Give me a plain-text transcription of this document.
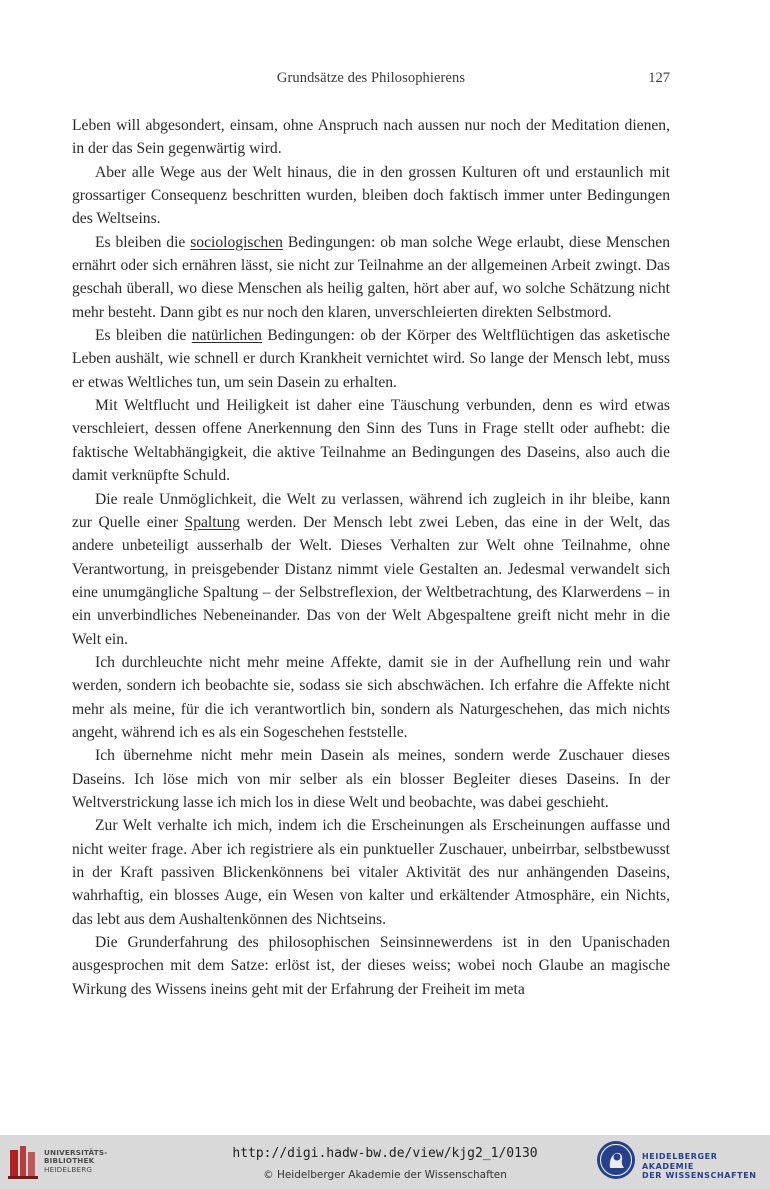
Grundsätze des Philosophierens	127

Leben will abgesondert, einsam, ohne Anspruch nach aussen nur noch der Meditation dienen, in der das Sein gegenwärtig wird.

Aber alle Wege aus der Welt hinaus, die in den grossen Kulturen oft und erstaunlich mit grossartiger Consequenz beschritten wurden, bleiben doch faktisch immer unter Bedingungen des Weltseins.

Es bleiben die sociologischen Bedingungen: ob man solche Wege erlaubt, diese Menschen ernährt oder sich ernähren lässt, sie nicht zur Teilnahme an der allgemeinen Arbeit zwingt. Das geschah überall, wo diese Menschen als heilig galten, hört aber auf, wo solche Schätzung nicht mehr besteht. Dann gibt es nur noch den klaren, unverschleierten direkten Selbstmord.

Es bleiben die natürlichen Bedingungen: ob der Körper des Weltflüchtigen das asketische Leben aushält, wie schnell er durch Krankheit vernichtet wird. So lange der Mensch lebt, muss er etwas Weltliches tun, um sein Dasein zu erhalten.

Mit Weltflucht und Heiligkeit ist daher eine Täuschung verbunden, denn es wird etwas verschleiert, dessen offene Anerkennung den Sinn des Tuns in Frage stellt oder aufhebt: die faktische Weltabhängigkeit, die aktive Teilnahme an Bedingungen des Daseins, also auch die damit verknüpfte Schuld.

Die reale Unmöglichkeit, die Welt zu verlassen, während ich zugleich in ihr bleibe, kann zur Quelle einer Spaltung werden. Der Mensch lebt zwei Leben, das eine in der Welt, das andere unbeteiligt ausserhalb der Welt. Dieses Verhalten zur Welt ohne Teilnahme, ohne Verantwortung, in preisgebender Distanz nimmt viele Gestalten an. Jedesmal verwandelt sich eine unumgängliche Spaltung – der Selbstreflexion, der Weltbetrachtung, des Klarwerdens – in ein unverbindliches Nebeneinander. Das von der Welt Abgespaltene greift nicht mehr in die Welt ein.

Ich durchleuchte nicht mehr meine Affekte, damit sie in der Aufhellung rein und wahr werden, sondern ich beobachte sie, sodass sie sich abschwächen. Ich erfahre die Affekte nicht mehr als meine, für die ich verantwortlich bin, sondern als Naturgeschehen, das mich nichts angeht, während ich es als ein Sogeschehen feststelle.

Ich übernehme nicht mehr mein Dasein als meines, sondern werde Zuschauer dieses Daseins. Ich löse mich von mir selber als ein blosser Begleiter dieses Daseins. In der Weltverstrickung lasse ich mich los in diese Welt und beobachte, was dabei geschieht.

Zur Welt verhalte ich mich, indem ich die Erscheinungen als Erscheinungen auffasse und nicht weiter frage. Aber ich registriere als ein punktueller Zuschauer, unbeirrbar, selbstbewusst in der Kraft passiven Blickenkönnens bei vitaler Aktivität des nur anhängenden Daseins, wahrhaftig, ein blosses Auge, ein Wesen von kalter und erkältender Atmosphäre, ein Nichts, das lebt aus dem Aushaltenkönnen des Nichtseins.

Die Grunderfahrung des philosophischen Seinsinnewerdens ist in den Upanischaden ausgesprochen mit dem Satze: erlöst ist, der dieses weiss; wobei noch Glaube an magische Wirkung des Wissens ineins geht mit der Erfahrung der Freiheit im meta

UNIVERSITÄTS-
BIBLIOTHEK
HEIDELBERG
http://digi.hadw-bw.de/view/kjg2_1/0130
© Heidelberger Akademie der Wissenschaften
HEIDELBERGER AKADEMIE
DER WISSENSCHAFTEN
